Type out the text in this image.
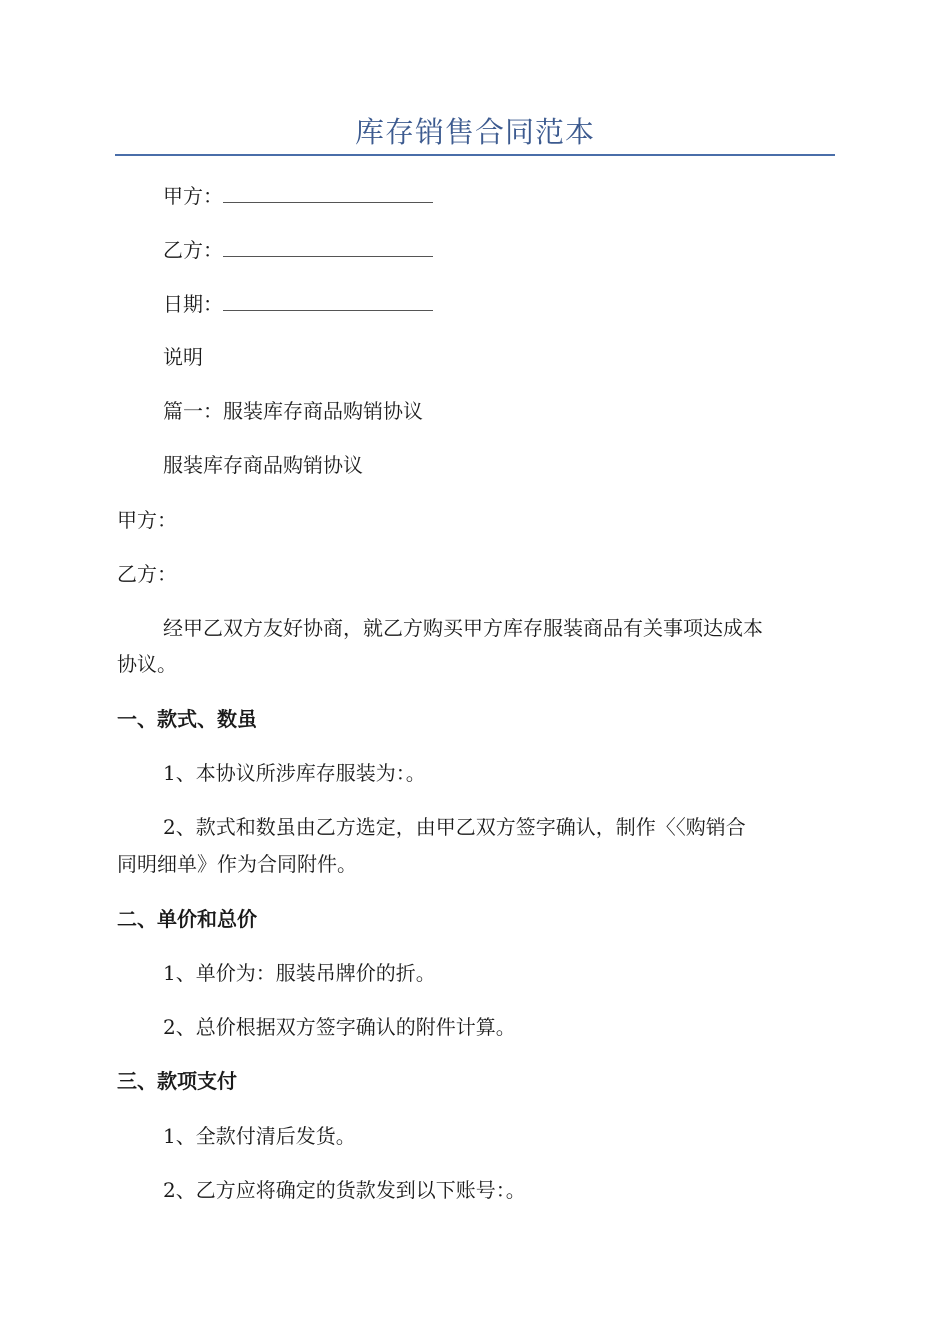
库存销售合同范本
甲方：
乙方：
日期：
说明
篇一：服装库存商品购销协议
服装库存商品购销协议
甲方：
乙方：
经甲乙双方友好协商，就乙方购买甲方库存服装商品有关事项达成本
协议。
一、款式、数虽
1、本协议所涉库存服装为：。
2、款式和数虽由乙方选定，由甲乙双方签字确认，制作〈〈购销合
同明细单》作为合同附件。
二、单价和总价
1、单价为：服装吊牌价的折。
2、总价根据双方签字确认的附件计算。
三、款项支付
1、全款付清后发货。
2、乙方应将确定的货款发到以下账号：。
